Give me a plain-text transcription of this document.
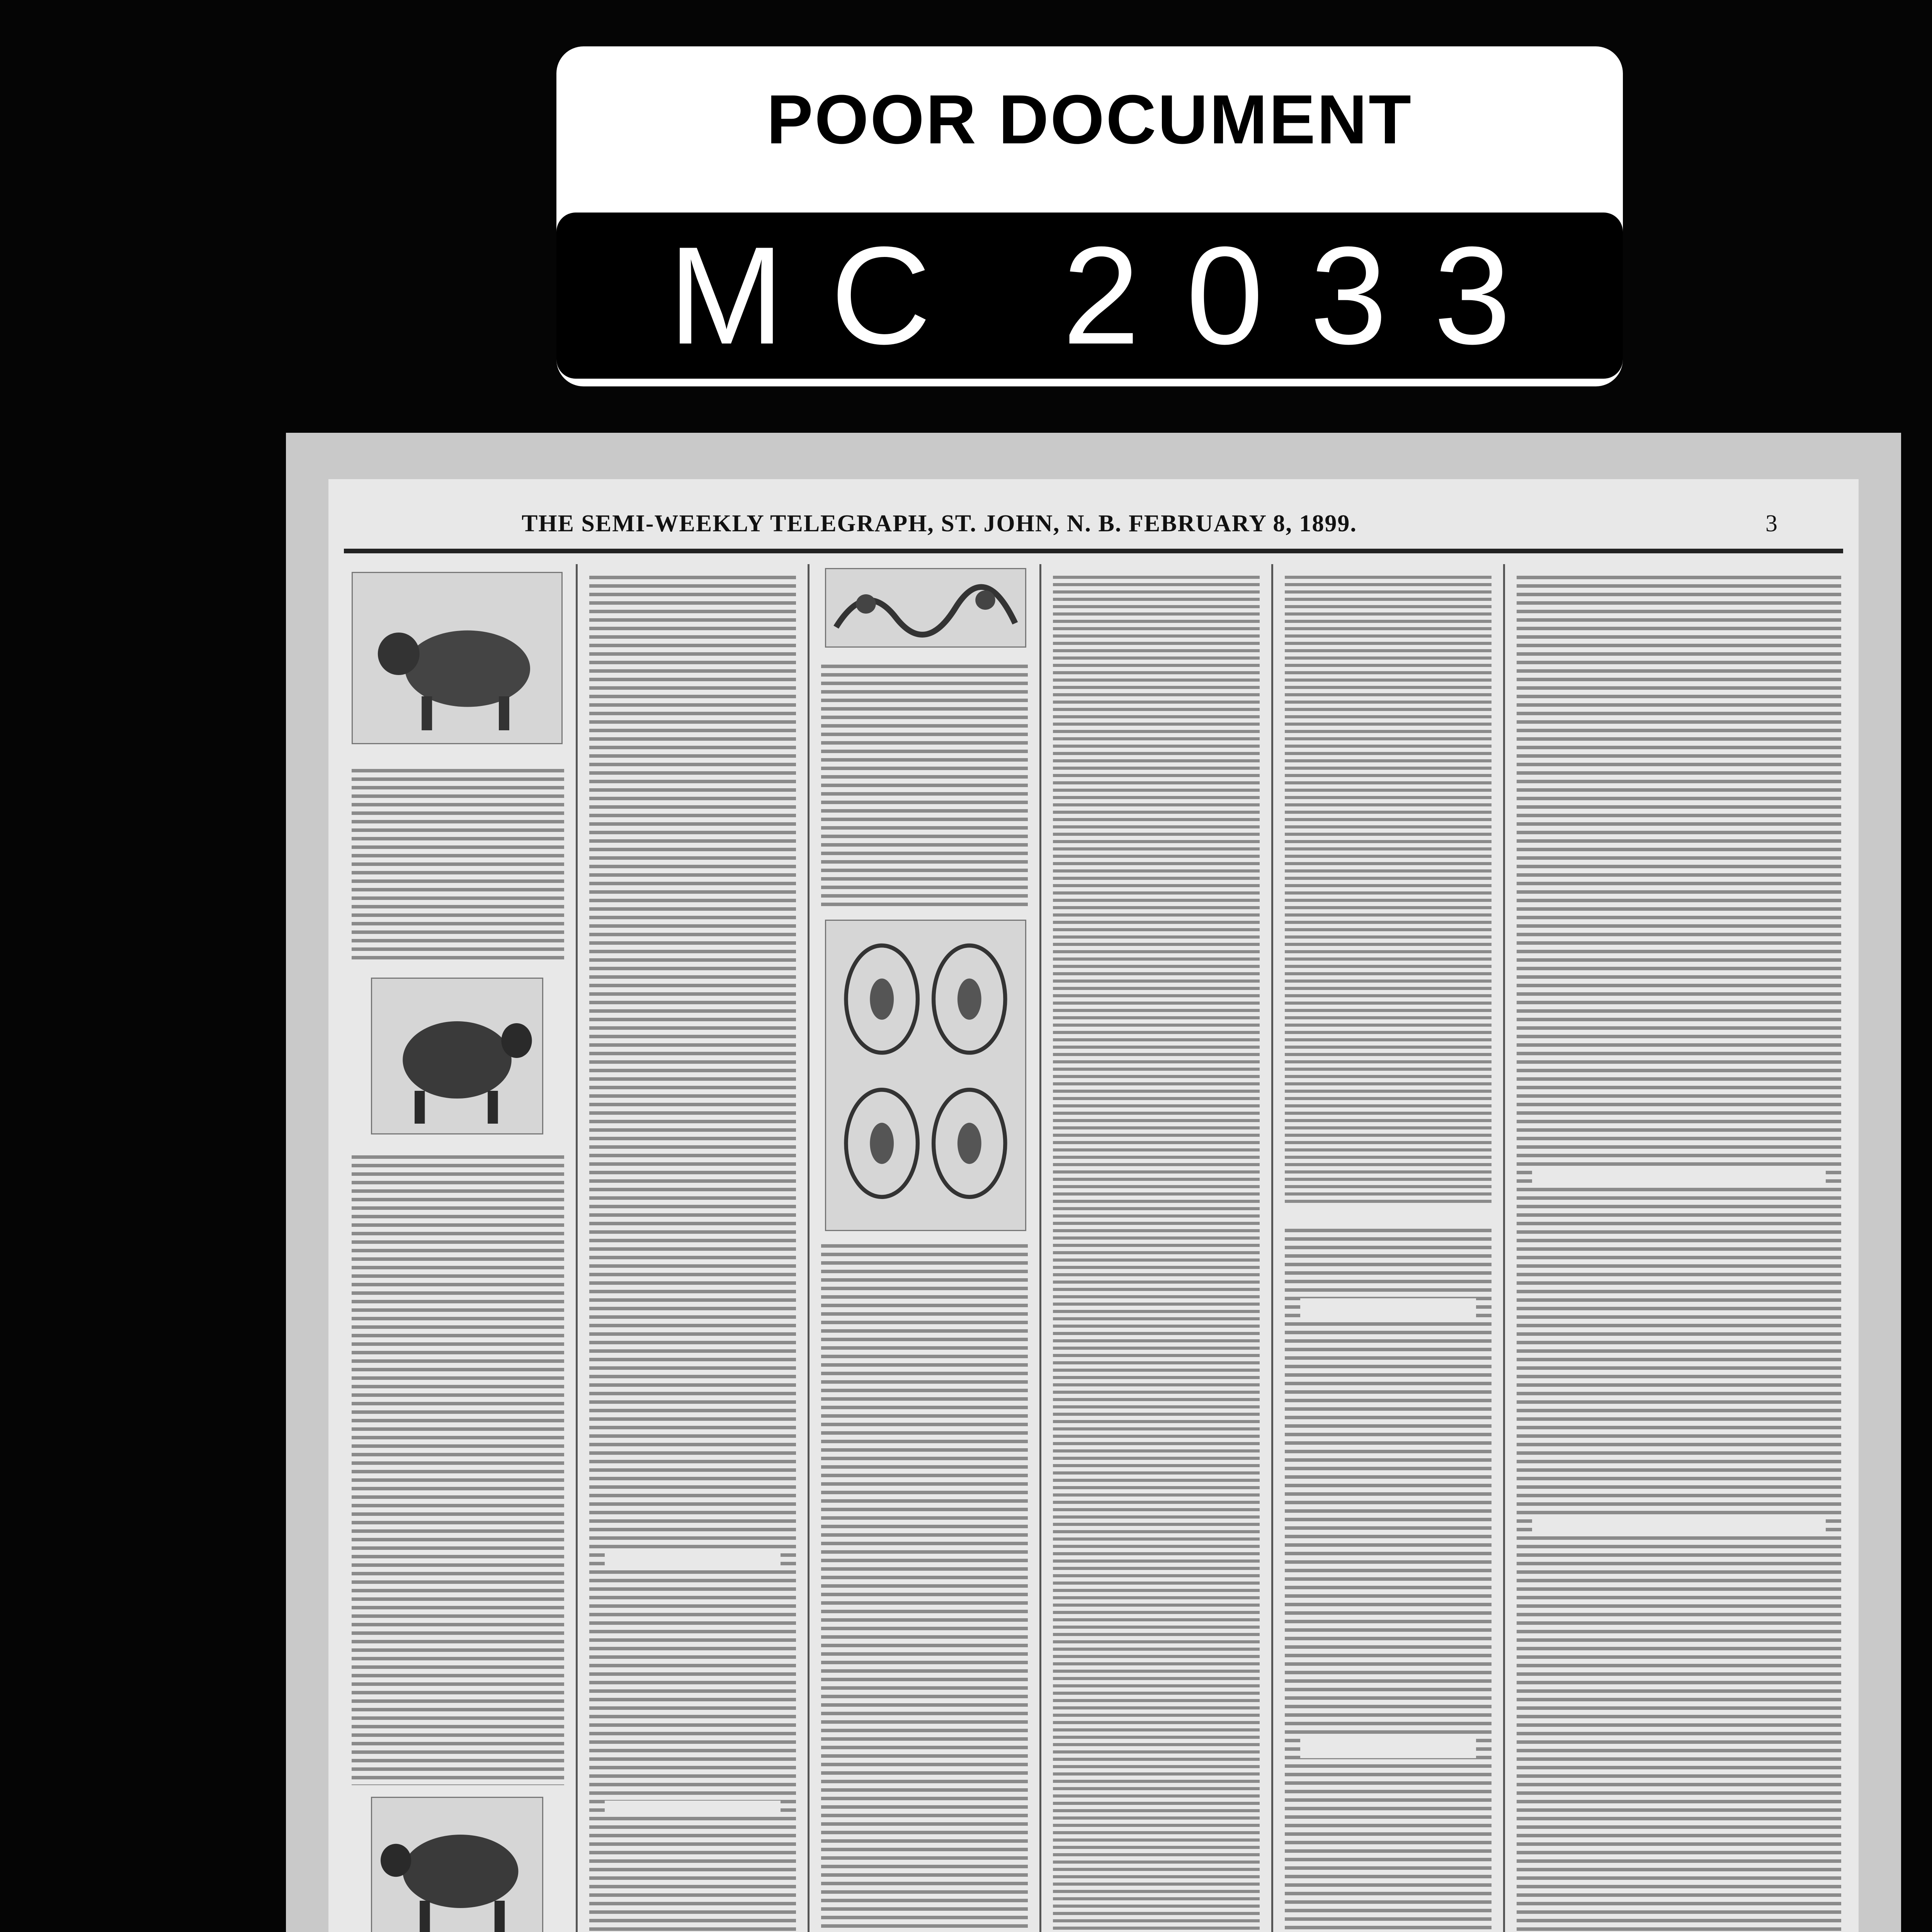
POOR DOCUMENT
MC 2033
THE SEMI-WEEKLY TELEGRAPH, ST. JOHN, N. B. FEBRUARY 8, 1899.	3
